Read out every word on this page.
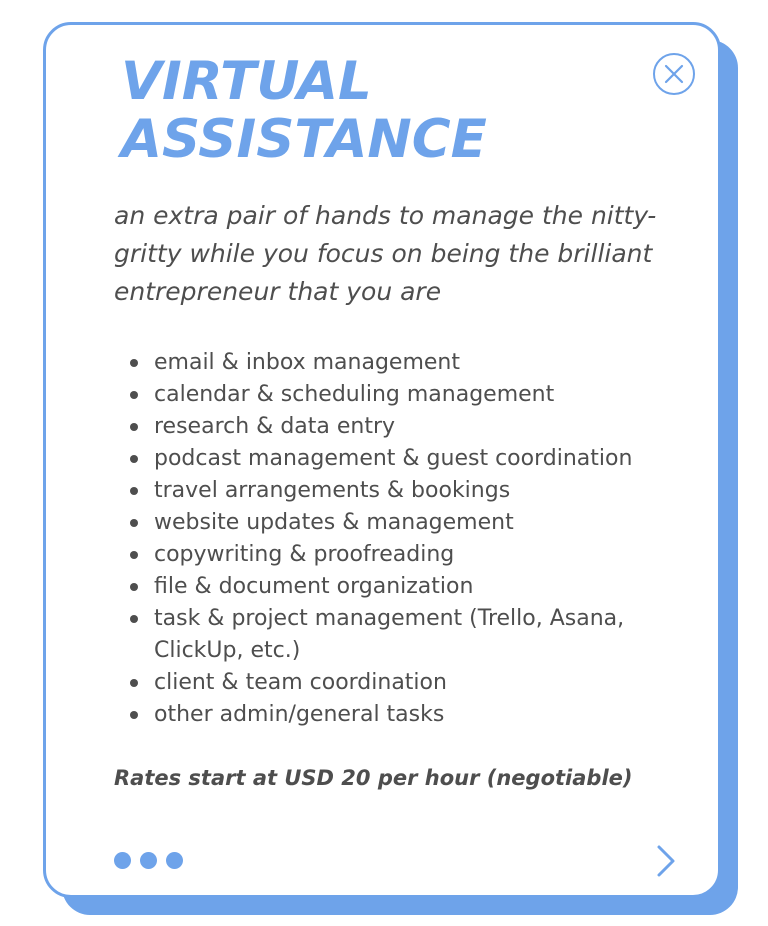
VIRTUAL
ASSISTANCE

an extra pair of hands to manage the nitty-
gritty while you focus on being the brilliant
entrepreneur that you are

email & inbox management
calendar & scheduling management
research & data entry
podcast management & guest coordination
travel arrangements & bookings
website updates & management
copywriting & proofreading
file & document organization
task & project management (Trello, Asana, ClickUp, etc.)
client & team coordination
other admin/general tasks

Rates start at USD 20 per hour (negotiable)
